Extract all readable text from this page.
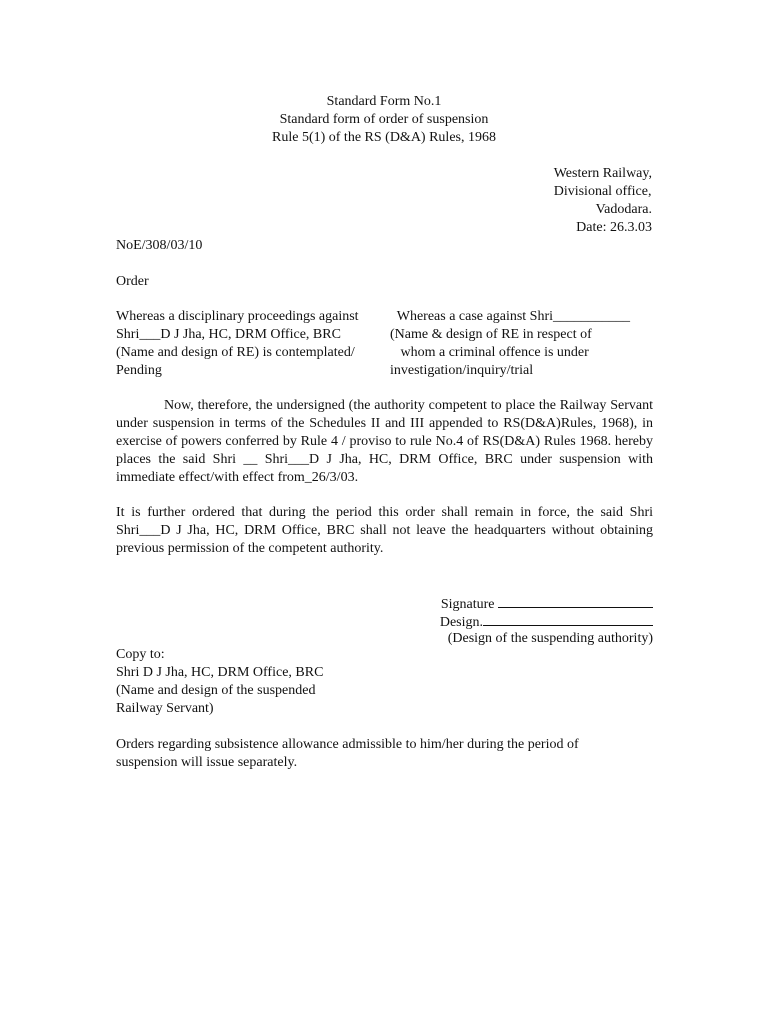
Standard Form No.1
Standard form of order of suspension
Rule 5(1) of the RS (D&A) Rules, 1968
Western Railway,
Divisional office,
Vadodara.
Date: 26.3.03
NoE/308/03/10
Order
Whereas a disciplinary proceedings against
Shri___D J Jha, HC, DRM Office, BRC
(Name and design of RE) is contemplated/
Pending
Whereas a case against Shri___________
(Name & design of RE in respect of
whom a criminal offence is under
investigation/inquiry/trial
Now, therefore, the undersigned (the authority competent to place the Railway Servant under suspension in terms of the Schedules II and III appended to RS(D&A)Rules, 1968), in exercise of powers conferred by Rule 4 / proviso to rule No.4 of RS(D&A) Rules 1968. hereby places the said Shri __ Shri___D J Jha, HC, DRM Office, BRC under suspension with immediate effect/with effect from_26/3/03.
It is further ordered that during the period this order shall remain in force, the said Shri Shri___D J Jha, HC, DRM Office, BRC shall not leave the headquarters without obtaining previous permission of the competent authority.
Signature
Design.
(Design of the suspending authority)
Copy to:
Shri D J Jha, HC, DRM Office, BRC
(Name and design of the suspended
Railway Servant)
Orders regarding subsistence allowance admissible to him/her during the period of
suspension will issue separately.
